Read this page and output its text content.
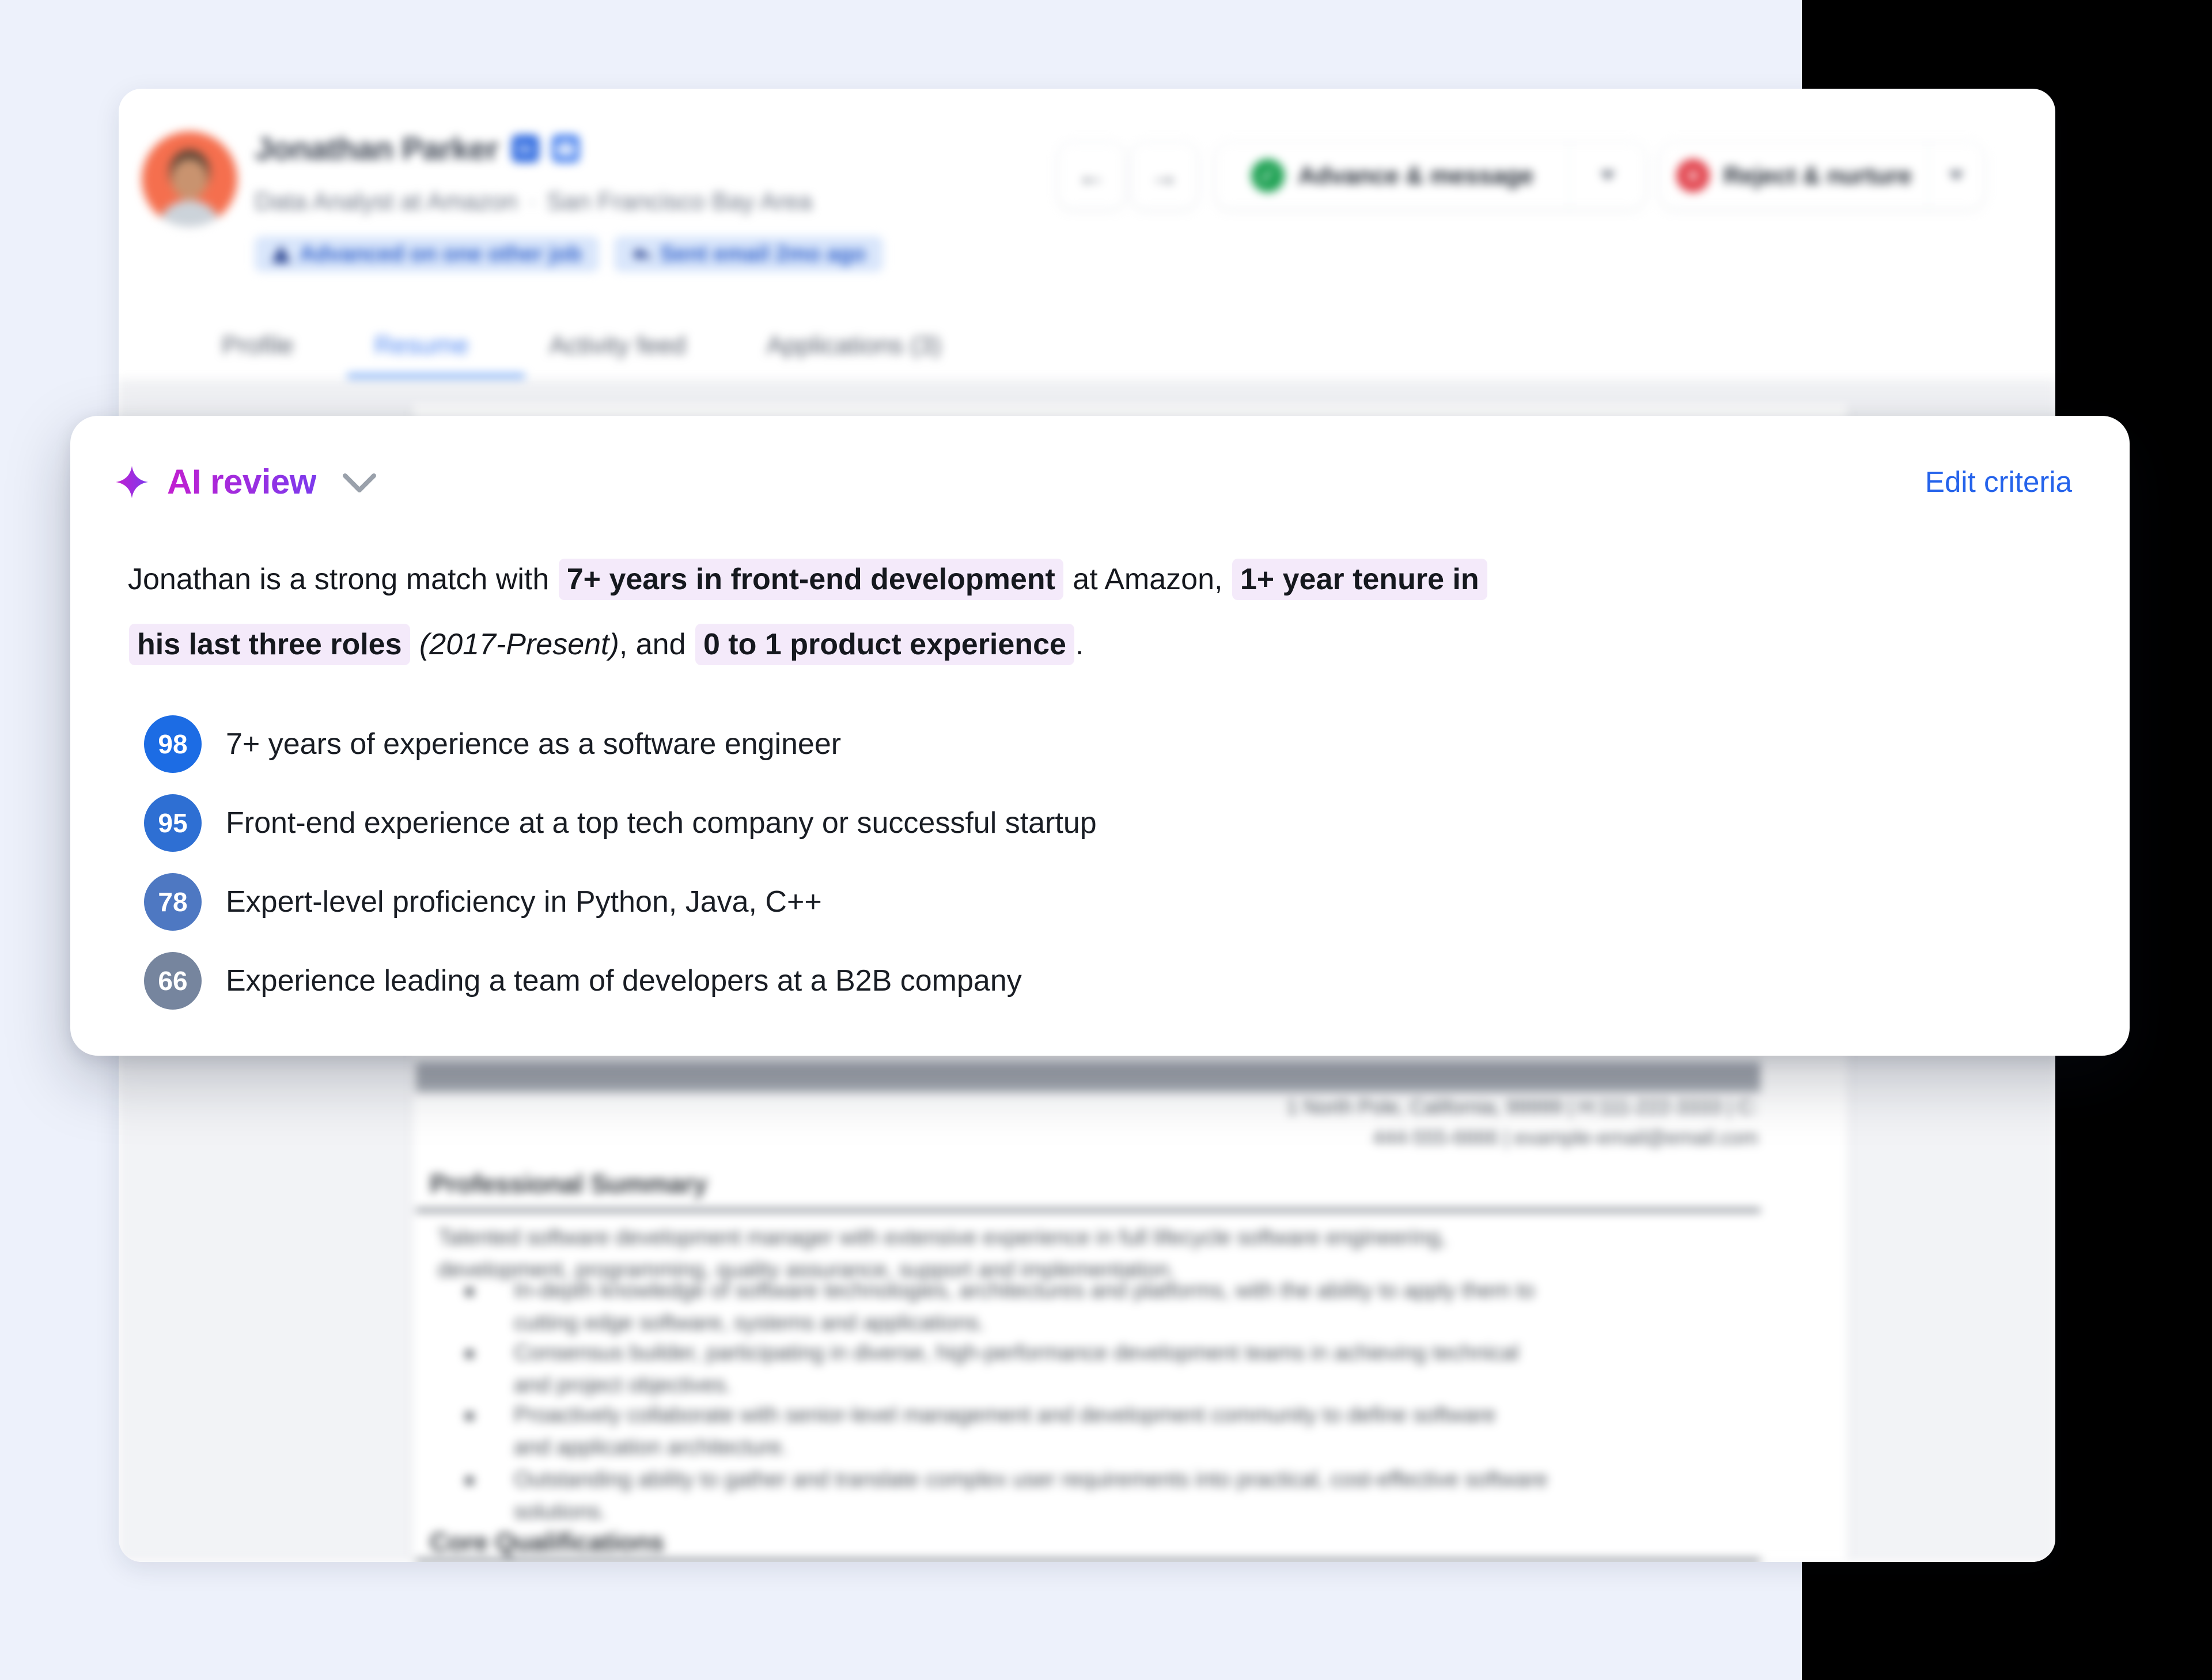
Jonathan Parker	in
Data Analyst at Amazon · San Francisco Bay Area
Advanced on one other job	Sent email 2mo ago
← →	✓ Advance & message	× Reject & nurture
Profile	Resume	Activity feed	Applications (3)
1 North Pole, California, 99999 | H:111-222-3333 | C:
444-555-6666 | example-email@email.com
Professional Summary
Talented software development manager with extensive experience in full lifecycle software engineering,
development, programming, quality assurance, support and implementation.
In-depth knowledge of software technologies, architectures and platforms, with the ability to apply them to
cutting edge software, systems and applications.
Consensus builder, participating in diverse, high-performance development teams in achieving technical
and project objectives.
Proactively collaborate with senior-level management and development community to define software
and application architecture.
Outstanding ability to gather and translate complex user requirements into practical, cost-effective software
solutions.
Core Qualifications
AI review	Edit criteria
Jonathan is a strong match with 7+ years in front-end development at Amazon, 1+ year tenure in
his last three roles (2017-Present), and 0 to 1 product experience .
98	7+ years of experience as a software engineer
95	Front-end experience at a top tech company or successful startup
78	Expert-level proficiency in Python, Java, C++
66	Experience leading a team of developers at a B2B company
